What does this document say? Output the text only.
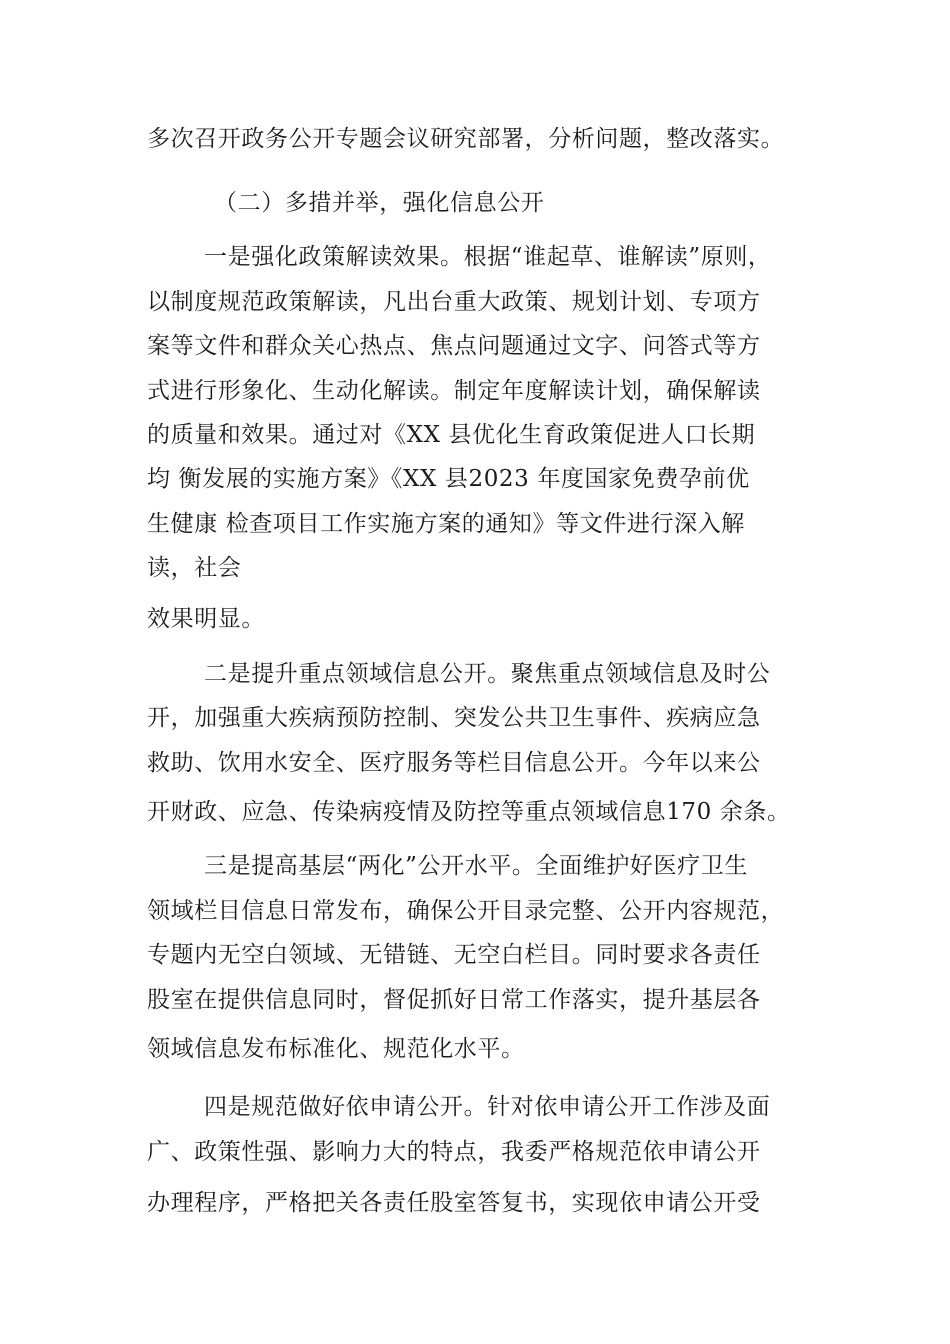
多次召开政务公开专题会议研究部署，分析问题，整改落实。
（二）多措并举，强化信息公开
一是强化政策解读效果。根据“谁起草、谁解读”原则，
以制度规范政策解读，凡出台重大政策、规划计划、专项方
案等文件和群众关心热点、焦点问题通过文字、问答式等方
式进行形象化、生动化解读。制定年度解读计划，确保解读
的质量和效果。通过对《XX 县优化生育政策促进人口长期
均 衡发展的实施方案》《XX 县2023 年度国家免费孕前优
生健康 检查项目工作实施方案的通知》等文件进行深入解
读，社会
效果明显。
二是提升重点领域信息公开。聚焦重点领域信息及时公
开，加强重大疾病预防控制、突发公共卫生事件、疾病应急
救助、饮用水安全、医疗服务等栏目信息公开。今年以来公
开财政、应急、传染病疫情及防控等重点领域信息170 余条。
三是提高基层“两化”公开水平。全面维护好医疗卫生
领域栏目信息日常发布，确保公开目录完整、公开内容规范，
专题内无空白领域、无错链、无空白栏目。同时要求各责任
股室在提供信息同时，督促抓好日常工作落实，提升基层各
领域信息发布标准化、规范化水平。
四是规范做好依申请公开。针对依申请公开工作涉及面
广、政策性强、影响力大的特点，我委严格规范依申请公开
办理程序，严格把关各责任股室答复书，实现依申请公开受
